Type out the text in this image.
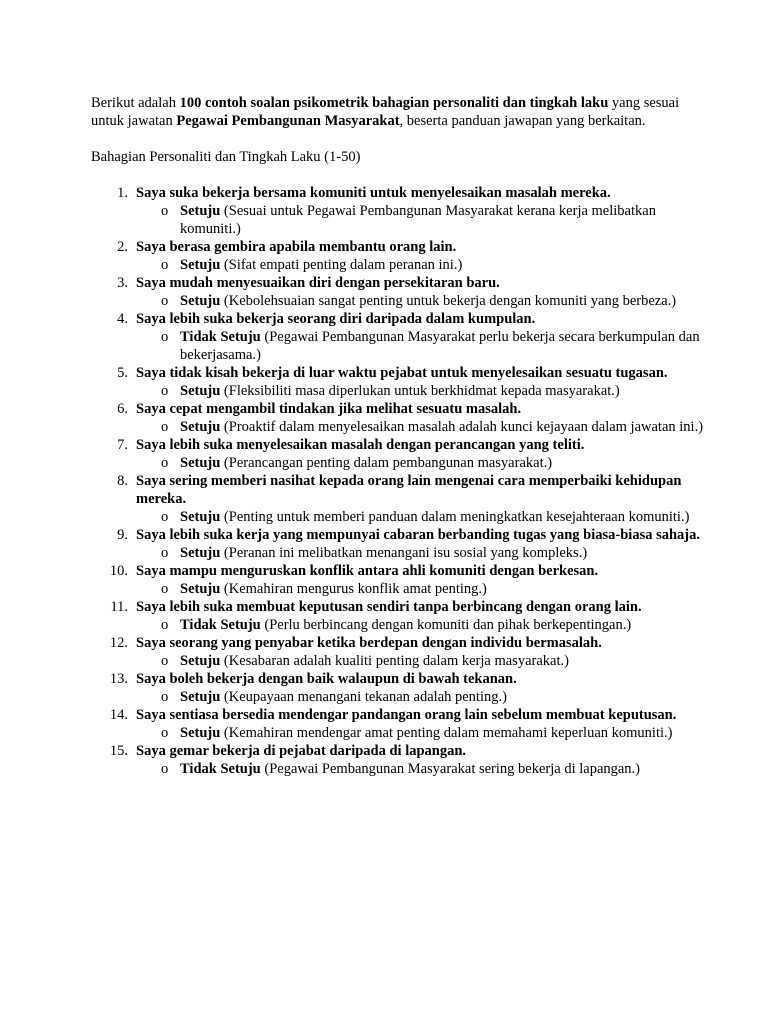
Berikut adalah 100 contoh soalan psikometrik bahagian personaliti dan tingkah laku yang sesuai untuk jawatan Pegawai Pembangunan Masyarakat, beserta panduan jawapan yang berkaitan.

Bahagian Personaliti dan Tingkah Laku (1-50)

1. Saya suka bekerja bersama komuniti untuk menyelesaikan masalah mereka.
o Setuju (Sesuai untuk Pegawai Pembangunan Masyarakat kerana kerja melibatkan komuniti.)
2. Saya berasa gembira apabila membantu orang lain.
o Setuju (Sifat empati penting dalam peranan ini.)
3. Saya mudah menyesuaikan diri dengan persekitaran baru.
o Setuju (Kebolehsuaian sangat penting untuk bekerja dengan komuniti yang berbeza.)
4. Saya lebih suka bekerja seorang diri daripada dalam kumpulan.
o Tidak Setuju (Pegawai Pembangunan Masyarakat perlu bekerja secara berkumpulan dan bekerjasama.)
5. Saya tidak kisah bekerja di luar waktu pejabat untuk menyelesaikan sesuatu tugasan.
o Setuju (Fleksibiliti masa diperlukan untuk berkhidmat kepada masyarakat.)
6. Saya cepat mengambil tindakan jika melihat sesuatu masalah.
o Setuju (Proaktif dalam menyelesaikan masalah adalah kunci kejayaan dalam jawatan ini.)
7. Saya lebih suka menyelesaikan masalah dengan perancangan yang teliti.
o Setuju (Perancangan penting dalam pembangunan masyarakat.)
8. Saya sering memberi nasihat kepada orang lain mengenai cara memperbaiki kehidupan mereka.
o Setuju (Penting untuk memberi panduan dalam meningkatkan kesejahteraan komuniti.)
9. Saya lebih suka kerja yang mempunyai cabaran berbanding tugas yang biasa-biasa sahaja.
o Setuju (Peranan ini melibatkan menangani isu sosial yang kompleks.)
10. Saya mampu menguruskan konflik antara ahli komuniti dengan berkesan.
o Setuju (Kemahiran mengurus konflik amat penting.)
11. Saya lebih suka membuat keputusan sendiri tanpa berbincang dengan orang lain.
o Tidak Setuju (Perlu berbincang dengan komuniti dan pihak berkepentingan.)
12. Saya seorang yang penyabar ketika berdepan dengan individu bermasalah.
o Setuju (Kesabaran adalah kualiti penting dalam kerja masyarakat.)
13. Saya boleh bekerja dengan baik walaupun di bawah tekanan.
o Setuju (Keupayaan menangani tekanan adalah penting.)
14. Saya sentiasa bersedia mendengar pandangan orang lain sebelum membuat keputusan.
o Setuju (Kemahiran mendengar amat penting dalam memahami keperluan komuniti.)
15. Saya gemar bekerja di pejabat daripada di lapangan.
o Tidak Setuju (Pegawai Pembangunan Masyarakat sering bekerja di lapangan.)
